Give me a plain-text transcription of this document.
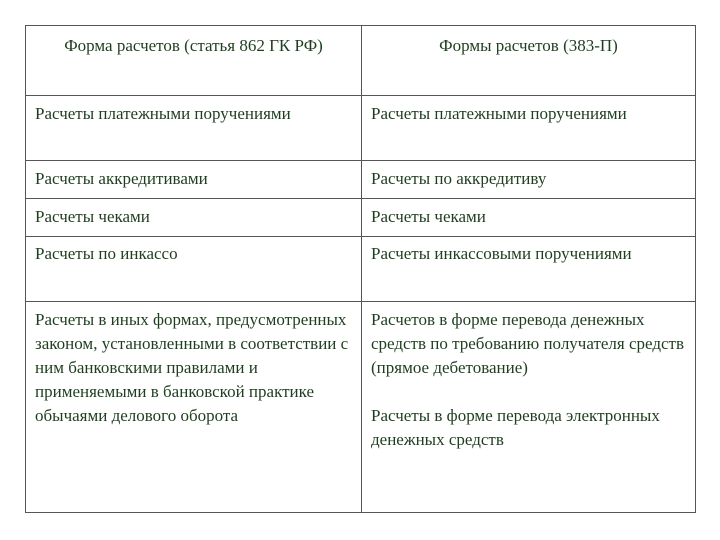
Форма расчетов (статья 862 ГК РФ)	Формы расчетов (383-П)

Расчеты платежными поручениями	Расчеты платежными поручениями

Расчеты аккредитивами	Расчеты по аккредитиву

Расчеты чеками	Расчеты чеками

Расчеты по инкассо	Расчеты инкассовыми поручениями

Расчеты в иных формах, предусмотренных законом, установленными в соответствии с ним банковскими правилами и применяемыми в банковской практике обычаями делового оборота	Расчетов в форме перевода денежных средств по требованию получателя средств (прямое дебетование)
Расчеты в форме перевода электронных денежных средств
